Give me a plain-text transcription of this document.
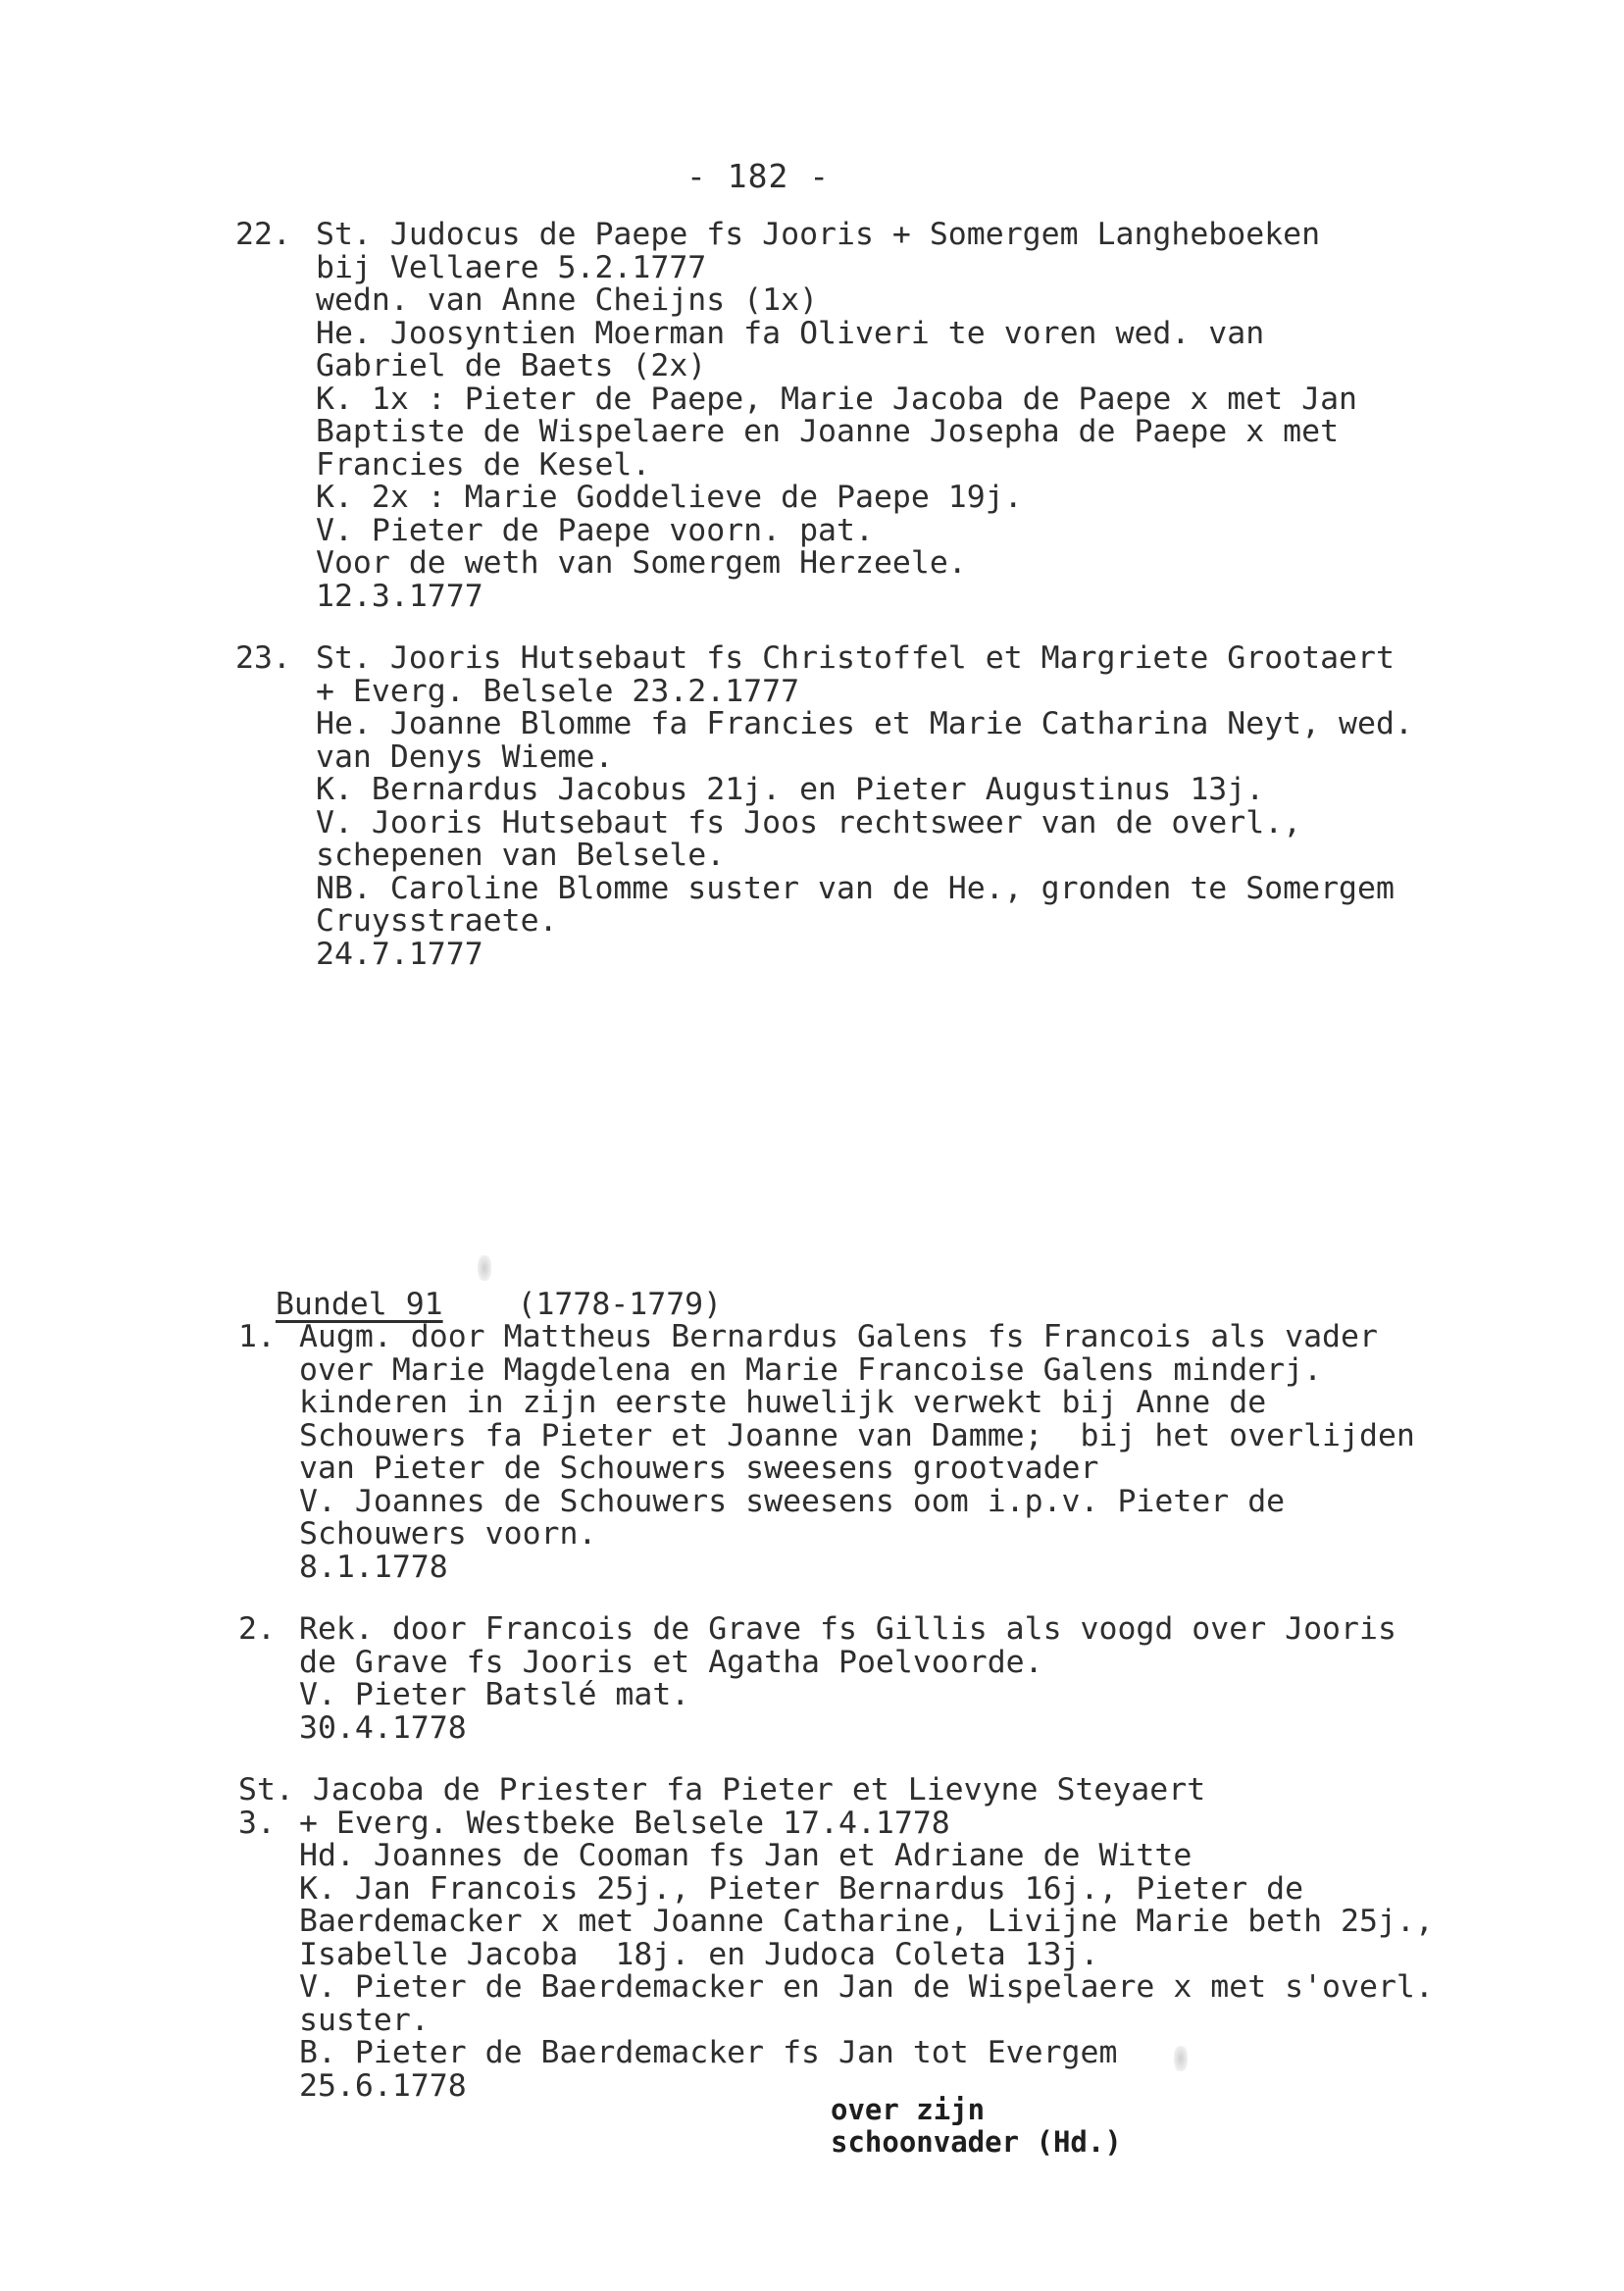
- 182 -
22. St. Judocus de Paepe fs Jooris + Somergem Langheboeken
bij Vellaere 5.2.1777
wedn. van Anne Cheijns (1x)
He. Joosyntien Moerman fa Oliveri te voren wed. van
Gabriel de Baets (2x)
K. 1x : Pieter de Paepe, Marie Jacoba de Paepe x met Jan
Baptiste de Wispelaere en Joanne Josepha de Paepe x met
Francies de Kesel.
K. 2x : Marie Goddelieve de Paepe 19j.
V. Pieter de Paepe voorn. pat.
Voor de weth van Somergem Herzeele.
12.3.1777
23. St. Jooris Hutsebaut fs Christoffel et Margriete Grootaert
+ Everg. Belsele 23.2.1777
He. Joanne Blomme fa Francies et Marie Catharina Neyt, wed.
van Denys Wieme.
K. Bernardus Jacobus 21j. en Pieter Augustinus 13j.
V. Jooris Hutsebaut fs Joos rechtsweer van de overl.,
schepenen van Belsele.
NB. Caroline Blomme suster van de He., gronden te Somergem
Cruysstraete.
24.7.1777

Bundel 91 (1778-1779)

1. Augm. door Mattheus Bernardus Galens fs Francois als vader
over Marie Magdelena en Marie Francoise Galens minderj.
kinderen in zijn eerste huwelijk verwekt bij Anne de
Schouwers fa Pieter et Joanne van Damme;  bij het overlijden
van Pieter de Schouwers sweesens grootvader
V. Joannes de Schouwers sweesens oom i.p.v. Pieter de
Schouwers voorn.
8.1.1778
2. Rek. door Francois de Grave fs Gillis als voogd over Jooris
de Grave fs Jooris et Agatha Poelvoorde.
V. Pieter Batslé mat.
30.4.1778
3.
St. Jacoba de Priester fa Pieter et Lievyne Steyaert
+ Everg. Westbeke Belsele 17.4.1778
Hd. Joannes de Cooman fs Jan et Adriane de Witte
K. Jan Francois 25j., Pieter Bernardus 16j., Pieter de
Baerdemacker x met Joanne Catharine, Livijne Marie beth 25j.,
Isabelle Jacoba  18j. en Judoca Coleta 13j.
V. Pieter de Baerdemacker en Jan de Wispelaere x met s'overl.
suster.
B. Pieter de Baerdemacker fs Jan tot Evergem
25.6.1778
over zijn
schoonvader (Hd.)
